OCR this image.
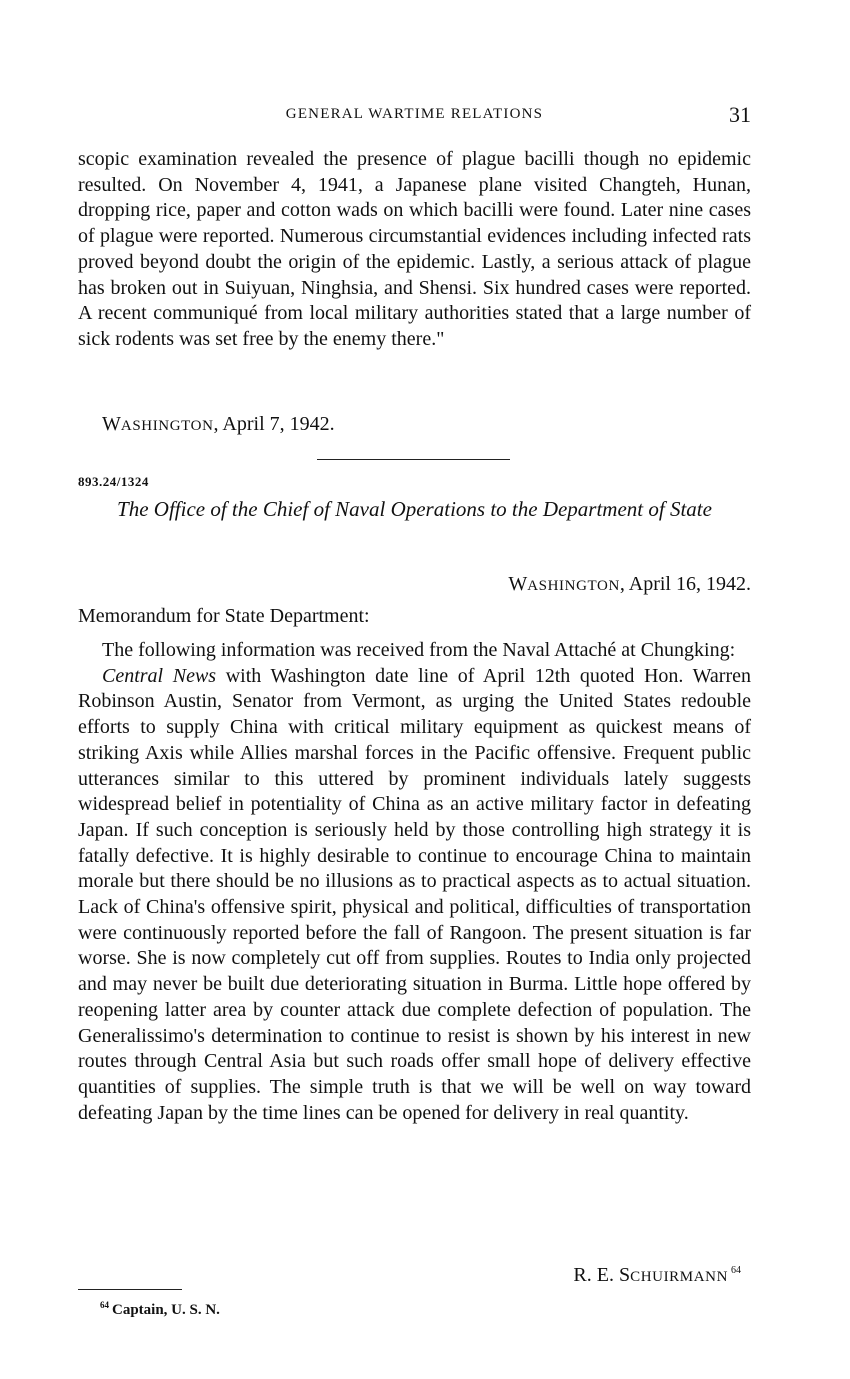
GENERAL WARTIME RELATIONS	31

scopic examination revealed the presence of plague bacilli though no epidemic resulted. On November 4, 1941, a Japanese plane visited Changteh, Hunan, dropping rice, paper and cotton wads on which bacilli were found. Later nine cases of plague were reported. Numerous circumstantial evidences including infected rats proved beyond doubt the origin of the epidemic. Lastly, a serious attack of plague has broken out in Suiyuan, Ninghsia, and Shensi. Six hundred cases were reported. A recent communiqué from local military authorities stated that a large number of sick rodents was set free by the enemy there."

WASHINGTON, April 7, 1942.
893.24/1324
The Office of the Chief of Naval Operations to the Department of State
WASHINGTON, April 16, 1942.
Memorandum for State Department:

The following information was received from the Naval Attaché at Chungking:

Central News with Washington date line of April 12th quoted Hon. Warren Robinson Austin, Senator from Vermont, as urging the United States redouble efforts to supply China with critical military equipment as quickest means of striking Axis while Allies marshal forces in the Pacific offensive. Frequent public utterances similar to this uttered by prominent individuals lately suggests widespread belief in potentiality of China as an active military factor in defeating Japan. If such conception is seriously held by those controlling high strategy it is fatally defective. It is highly desirable to continue to encourage China to maintain morale but there should be no illusions as to practical aspects as to actual situation. Lack of China's offensive spirit, physical and political, difficulties of transportation were continuously reported before the fall of Rangoon. The present situation is far worse. She is now completely cut off from supplies. Routes to India only projected and may never be built due deteriorating situation in Burma. Little hope offered by reopening latter area by counter attack due complete defection of population. The Generalissimo's determination to continue to resist is shown by his interest in new routes through Central Asia but such roads offer small hope of delivery effective quantities of supplies. The simple truth is that we will be well on way toward defeating Japan by the time lines can be opened for delivery in real quantity.

R. E. SCHUIRMANN $^{64}$
$^{64}$ Captain, U. S. N.
